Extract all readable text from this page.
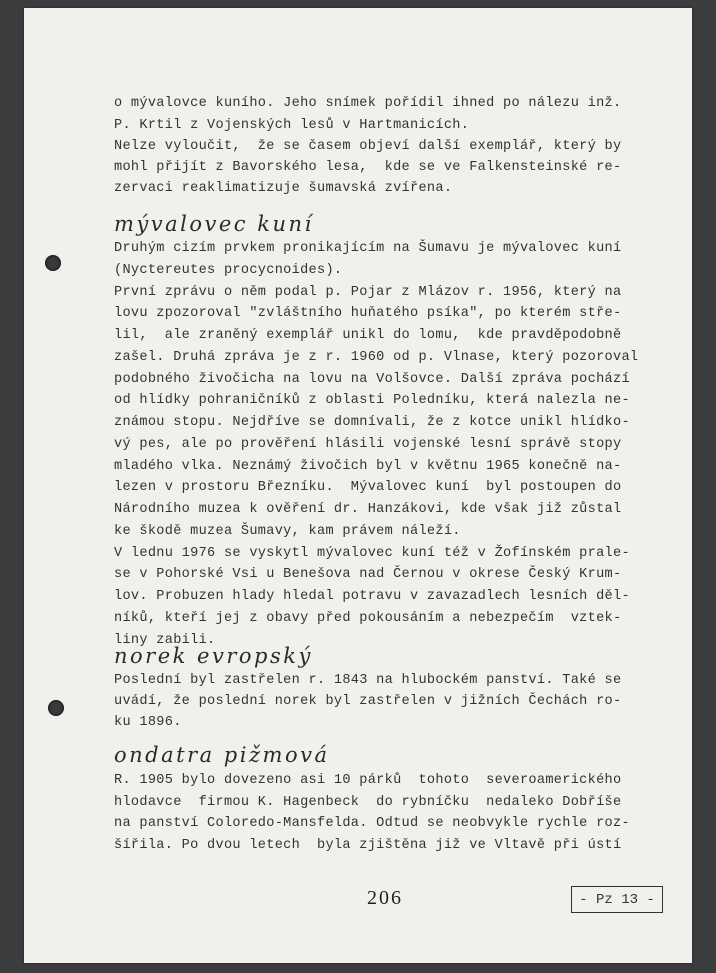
o mývalovce kuního. Jeho snímek pořídil ihned po nálezu inž.
P. Krtil z Vojenských lesů v Hartmanicích.
Nelze vyloučit,  že se časem objeví další exemplář, který by
mohl přijít z Bavorského lesa,  kde se ve Falkensteinské re-
zervaci reaklimatizuje šumavská zvířena.
mývalovec kuní
Druhým cizím prvkem pronikajícím na Šumavu je mývalovec kuní
(Nyctereutes procycnoides).
První zprávu o něm podal p. Pojar z Mlázov r. 1956, který na
lovu zpozoroval "zvláštního huňatého psíka", po kterém stře-
lil,  ale zraněný exemplář unikl do lomu,  kde pravděpodobně
zašel. Druhá zpráva je z r. 1960 od p. Vlnase, který pozoroval
podobného živočicha na lovu na Volšovce. Další zpráva pochází
od hlídky pohraničníků z oblasti Poledníku, která nalezla ne-
známou stopu. Nejdříve se domnívali, že z kotce unikl hlídko-
vý pes, ale po prověření hlásili vojenské lesní správě stopy
mladého vlka. Neznámý živočich byl v květnu 1965 konečně na-
lezen v prostoru Březníku.  Mývalovec kuní  byl postoupen do
Národního muzea k ověření dr. Hanzákovi, kde však již zůstal
ke škodě muzea Šumavy, kam právem náleží.
V lednu 1976 se vyskytl mývalovec kuní též v Žofínském prale-
se v Pohorské Vsi u Benešova nad Černou v okrese Český Krum-
lov. Probuzen hlady hledal potravu v zavazadlech lesních děl-
níků, kteří jej z obavy před pokousáním a nebezpečím  vztek-
liny zabili.
norek evropský
Poslední byl zastřelen r. 1843 na hlubockém panství. Také se
uvádí, že poslední norek byl zastřelen v jižních Čechách ro-
ku 1896.
ondatra pižmová
R. 1905 bylo dovezeno asi 10 párků  tohoto  severoamerického
hlodavce  firmou K. Hagenbeck  do rybníčku  nedaleko Dobříše
na panství Coloredo-Mansfelda. Odtud se neobvykle rychle roz-
šířila. Po dvou letech  byla zjištěna již ve Vltavě při ústí
206	- Pz 13 -
